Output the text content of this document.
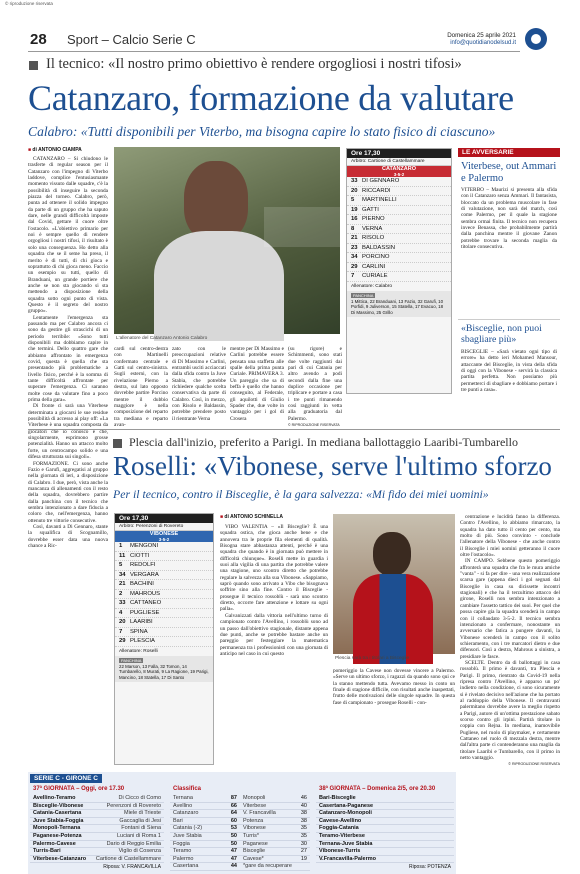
© riproduzione riservata
28 Sport – Calcio Serie C	Domenica 25 aprile 2021
info@quotidianodelsud.it
Il tecnico: «Il nostro primo obiettivo è rendere orgogliosi i nostri tifosi»
Catanzaro, formazione da valutare
Calabro: «Tutti disponibili per Viterbo, ma bisogna capire lo stato fisico di ciascuno»
■ di ANTONIO CIAMPA

CATANZARO – Si chiudono le trasferte di regular season per il Catanzaro con l'impegno di Viterbo laddove, complice l'entusiasmante momento vissuto dalle squadre, c'è la possibilità di inseguire la seconda piazza del torneo. Calabro, però, punta ad ottenere il solido impegno da parte di un gruppo che ha saputo dare, nelle grandi difficoltà imposte dal Covid, gettare il cuore oltre l'ostacolo. «L'obiettivo primario per noi è sempre quello di rendere orgogliosi i nostri tifosi, il risultato è solo una conseguenza. Ho detto alla squadra che se il seme ha preso, il merito è di tutti, di chi gioca e soprattutto di chi gioca meno. Faccio un esempio su tutti, quello di Branduani, un grande portiere che anche se non sta giocando si sta mettendo a disposizione della squadra sotto ogni punto di vista. Questo è il segreto del nostro gruppo».

Lentamente l'emergenza sta passando ma per Calabro ancora ci sono da gestire gli strascichi di un periodo terribile: «Sono tutti disponibili ma dobbiamo capire in che termini. Dello quattro gare che abbiamo affrontato in emergenza covid, questa è quella che sta presentando più problematiche a livello fisico, perché è la somma di tante difficoltà affrontate per superare l'emergenza. Ci saranno molte cose da valutare fino a poco prima della gara».

Di fronte ci sarà una Viterbese determinata a giocarsi le sue residue possibilità di accesso ai play off: «La Viterbese è una squadra composta da giocatori che io conosco e che, singolarmente, esprimono grosse potenzialità. Hanno un attacco molto forte, un centrocampo solido e una difesa strutturata sui singoli».

FORMAZIONE. Ci sono anche Fazio e Garufi, aggregatisi al gruppo nella giornata di ieri, a disposizione di Calabro. I due, però, vista anche la mancanza di allenamenti con il resto della squadra, dovrebbero partire dalla panchina con il tecnico che sembra intenzionato a dare fiducia a coloro che, nell'emergenza, hanno ottenuto tre vittorie consecutive.

Così, davanti a Di Gennaro, stante la squalifica di Scognamillo, dovrebbe esser data una nuova chance a Ric-

L'allenatore del Catanzaro Antonio Calabro
cardi sul centro-destra con Martinelli confermato centrale e Gatti sul centro-sinistra. Sugli esterni, con la rivelazione Pierno a destra, sul lato opposto dovrebbe partire Porcino mentre il dubbio maggiore è nella composizione del reparto tra mediana e reparto avan-
zato con le preoccupazioni relative di Di Massimo e Carlini, entrambi usciti acciaccati dalla sfida contro la Juve Stabia, che potrebbe richiedere qualche scelta conservativa da parte di Calabro. Così, in mezzo, con Risolo e Baldassin, potrebbe prendere posto il rientrante Verna
mentre per Di Massimo e Carlini potrebbe essere pensata una staffetta alle spalle della prima punta Curiale. PRIMAVERA 3. Un pareggio che sa di beffa è quello che hanno conseguito, al Federale, gli aquilotti di Giulio Spader che, due volte in vantaggio per i gol di Crosera
(su rigore) e Schimmenti, sono stati due volte raggiunti dai pari di cui Catania per altro avendo a podi secondi dalla fine una duplice occasione per triplicare e portare a casa i tre punti rimanendo così raggiunti in vetta alla graduatoria dal Palermo.
© RIPRODUZIONE RISERVATA
Ore 17,30
Arbitro: Cartione di Castellammare
CATANZARO
3-5-2
33 DI GENNARO
20 RICCARDI
5 MARTINELLI
19 GATTI
16 PIERNO
8 VERNA
21 RISOLO
23 BALDASSIN
34 PORCINO
29 CARLINI
7 CURIALE
Allenatore: Calabro
PANCHINA
1 Mittica, 22 Branduani, 13 Fazio, 32 Garufi, 10 Porfidi, 9 Juliverson, 15 Statella, 17 Evacuo, 18 Di Massimo, 25 Grillo
LE AVVERSARIE
Viterbese, out Ammari e Palermo
VITERBO – Maurizi si presenta alla sfida con il Catanzaro senza Ammari. Il fantasista, bloccato da un problema muscolare in fase di valutazione, non sarà del match, così come Palermo, per il quale la stagione sembra ormai finita. Il tecnico non recupera invece Benassa, che probabilmente partirà dalla panchina mentre il giovane Zanon potrebbe trovare la seconda maglia da titolare consecutiva.
«Bisceglie, non puoi sbagliare più»
BISCEGLIE – «Sarà vietato ogni tipo di errore» ha detto ieri Mohamed Mansour, attaccante del Bisceglie, in vista della sfida di oggi con la Vibonese - servirà la classica partita perfetta. Non possiamo più permetterci di sbagliare e dobbiamo portare i tre punti a casa».
Plescia dall'inizio, preferito a Parigi. In mediana ballottaggio Laaribi-Tumbarello
Roselli: «Vibonese, serve l'ultimo sforzo
Per il tecnico, contro il Bisceglie, è la gara salvezza: «Mi fido dei miei uomini»
Ore 17,30
Arbitro: Perenzoni di Rovereto
VIBONESE
3-5-2
1 MENGONI
11 CIOTTI
5 REDOLFI
34 VERGARA
21 BACHINI
2 MAHROUS
33 CATTANEO
4 PUGLIESE
20 LAARIBI
7 SPINA
29 PLESCIA
Allenatore: Roselli
PANCHINA
22 Marson, 13 Falla, 32 Tomon, 14 Tumbarello, 8 Murati, 9 La Ragione, 19 Parigi, Mancino, 18 Statella, 17 Di Santo
■ di ANTONIO SCHINELLA

VIBO VALENTIA – «Il Bisceglie? È una squadra ostica, che gioca anche bene e che annovera tra le proprie fila elementi di qualità. Bisogna stare abbastanza attenti, perché è una squadra che quando è in giornata può mettere in difficoltà chiunque». Roselli mette in guardia i suoi alla vigilia di una partita che potrebbe valere una stagione, uno scontro diretto che potrebbe regalare la salvezza alla sua Vibonese. «Sappiamo, saprò quando sono arrivato a Vibo che bisognava soffrire sino alla fine. Contro il Bisceglie - prosegue il tecnico rossoblù - sarà uno scontro diretto, occorre fare attenzione e lottare su ogni palla».

Galvanizzati dalla vittoria nell'ultimo turno di campionato contro l'Avellino, i rossoblù sono ad un passo dall'obiettivo stagionale, distante appena due punti, anche se potrebbe bastare anche un pareggio per festeggiare la matematica permanenza tra i professionisti con una giornata di anticipo nel caso in cui questo

Plescia sarà tra i titolari a Bisceglie
pomeriggio la Cavese non dovesse vincere a Palermo. «Serve un ultimo sforzo, i ragazzi da quando sono qui ce la stanno mettendo tutta. Avevamo messo in conto un finale di stagione difficile, con risultati anche inaspettati, frutto delle motivazioni delle singole squadre. In questa fase di campionato - prosegue Roselli - con-

centrazione e lucidità fanno la differenza. Contro l'Avellino, lo abbiamo rimarcato, la squadra ha dato tutto il cento per cento, ma molto di più. Sono convinto - conclude l'allenatore della Vibonese - che anche contro il Bisceglie i miei uomini getteranno il cuore oltre l'ostacolo».

IN CAMPO. Sebbene questo pomeriggio affronterà una squadra che fra le mura amiche "vanta" - si fa per dire - una vera realizzazione scarsa gare (appena dieci i gol segnati dal Bisceglie in casa su dicissette incontri stagionali) e che ha il terzultimo attacco del girone, Roselli non sembra intenzionato a cambiare l'assetto tattico dei suoi. Per quel che possa capire gia la squadra scenderà in campo con il collaudato 3-5-2. Il tecnico sembra intenzionato a confermare, nonostante un avversario che fatica a pungere davanti, la Vibonese scenderà in campo con il solito schieramento, con i tre marcatori dietro e due difensori. Così a destra, Mahrous a sinistra, a presidiare le fasce.

SCELTE. Dentro da di ballottaggi in casa rossoblù. Il primo è davanti, tra Plescia e Parigi. Il primo, rientrato da Covid-19 nella ripresa contro l'Avellino, è apparso un po' indietro nella condizione, ci sono sicuramente si è rivelato decisivo nell'azione che ha portato al raddoppio della Vibonese. Il centravanti palermitano dovrebbe avere la meglio rispetto a Parigi, autore di un'ottima prestazione sabato scorso contro gli irpini. Partirà titolare in coppia con Rejna. In mediana, inamovibile Pugliese, nel ruolo di playmaker, e certamente Cattaneo nel ruolo di mezzala destra, mentre dall'altra parte ci contenderanno una maglia da titolare Laaribi e Tumbarello, con il primo in netto vantaggio.

© RIPRODUZIONE RISERVATA
SERIE C - GIRONE C
37ª GIORNATA – Oggi, ore 17.30
Avellino-Teramo	Di Cicco di Como
Bisceglie-Vibonese	Perenzoni di Rovereto
Catania-Casertana	Miele di Trieste
Juve Stabia-Foggia	Gaccaglia di Jesi
Monopoli-Ternana	Fontani di Siena
Paganese-Potenza	Luciani di Roma 1
Palermo-Cavese	Dario di Reggio Emilia
Turris-Bari	Viglio di Cosenza
Viterbese-Catanzaro Cartione di Castellammare
Riposa: V. FRANCAVILLA
Classifica
Ternana	87 Monopoli	46
Avellino	66 Viterbese	40
Catanzaro	64 V. Francavilla	38
Bari	60 Potenza	38
Catania (-2)	53 Vibonese	35
Juve Stabia	50 Turris*	35
Foggia	50 Paganese	30
Teramo	47 Bisceglie	27
Palermo	47 Cavese*	19
Casertana	44 *gare da recuperare
38ª GIORNATA – Domenica 2/5, ore 20.30
Bari-Bisceglie
Casertana-Paganese
Catanzaro-Monopoli
Cavese-Avellino
Foggia-Catania
Teramo-Viterbese
Ternana-Juve Stabia
Vibonese-Turris
V.Francavilla-Palermo
Riposa: POTENZA
